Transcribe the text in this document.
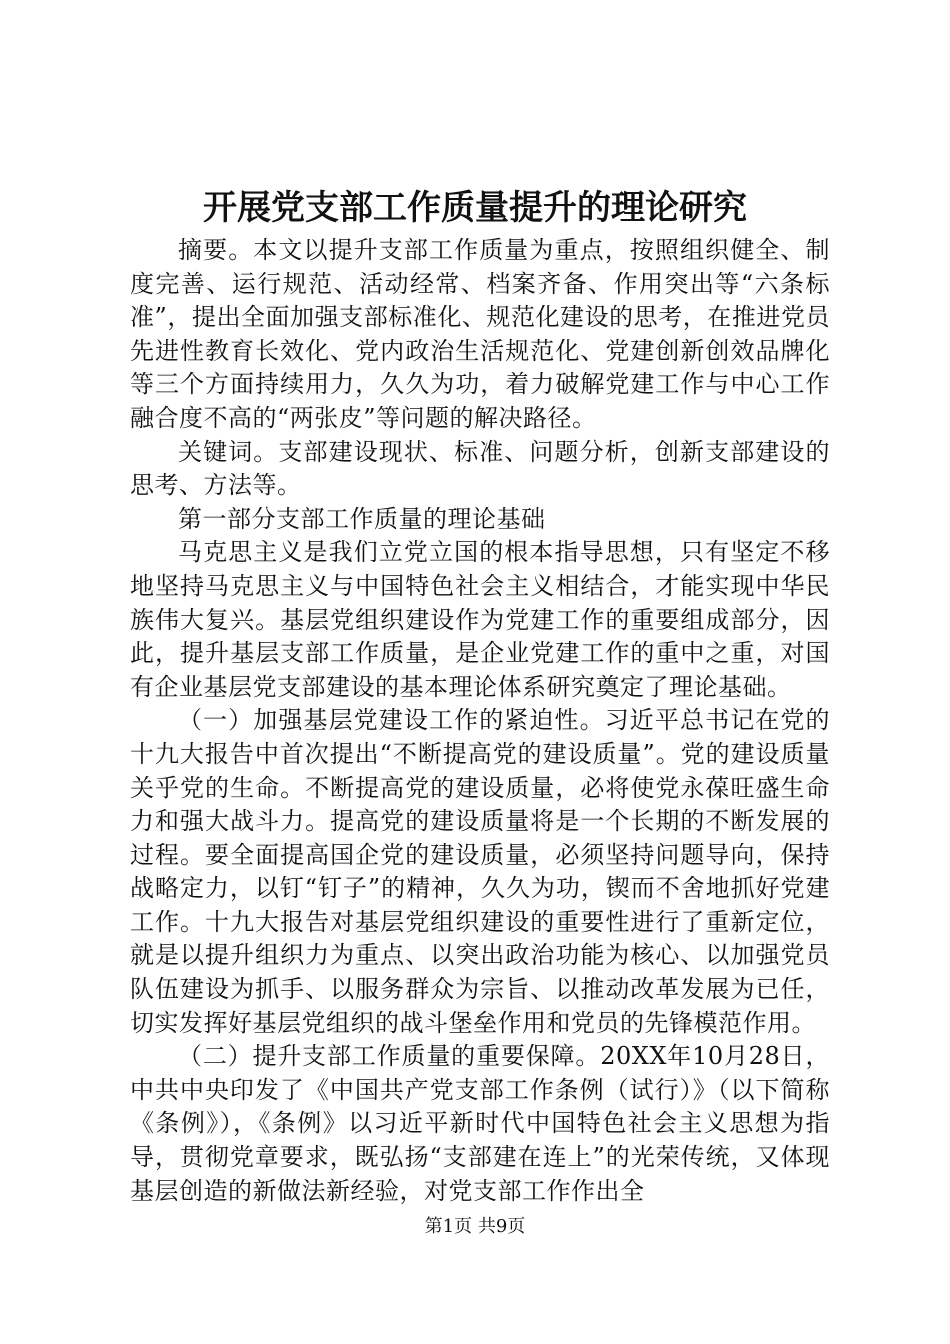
开展党支部工作质量提升的理论研究

摘要。本文以提升支部工作质量为重点，按照组织健全、制度完善、运行规范、活动经常、档案齐备、作用突出等“六条标准”，提出全面加强支部标准化、规范化建设的思考，在推进党员先进性教育长效化、党内政治生活规范化、党建创新创效品牌化等三个方面持续用力，久久为功，着力破解党建工作与中心工作融合度不高的“两张皮”等问题的解决路径。

关键词。支部建设现状、标准、问题分析，创新支部建设的思考、方法等。

第一部分支部工作质量的理论基础

马克思主义是我们立党立国的根本指导思想，只有坚定不移地坚持马克思主义与中国特色社会主义相结合，才能实现中华民族伟大复兴。基层党组织建设作为党建工作的重要组成部分，因此，提升基层支部工作质量，是企业党建工作的重中之重，对国有企业基层党支部建设的基本理论体系研究奠定了理论基础。

（一）加强基层党建设工作的紧迫性。习近平总书记在党的十九大报告中首次提出“不断提高党的建设质量”。党的建设质量关乎党的生命。不断提高党的建设质量，必将使党永葆旺盛生命力和强大战斗力。提高党的建设质量将是一个长期的不断发展的过程。要全面提高国企党的建设质量，必须坚持问题导向，保持战略定力，以钉“钉子”的精神，久久为功，锲而不舍地抓好党建工作。十九大报告对基层党组织建设的重要性进行了重新定位，就是以提升组织力为重点、以突出政治功能为核心、以加强党员队伍建设为抓手、以服务群众为宗旨、以推动改革发展为已任，切实发挥好基层党组织的战斗堡垒作用和党员的先锋模范作用。

（二）提升支部工作质量的重要保障。20XX年10月28日，中共中央印发了《中国共产党支部工作条例（试行）》（以下简称《条例》），《条例》以习近平新时代中国特色社会主义思想为指导，贯彻党章要求，既弘扬“支部建在连上”的光荣传统，又体现基层创造的新做法新经验，对党支部工作作出全

第1页 共9页
